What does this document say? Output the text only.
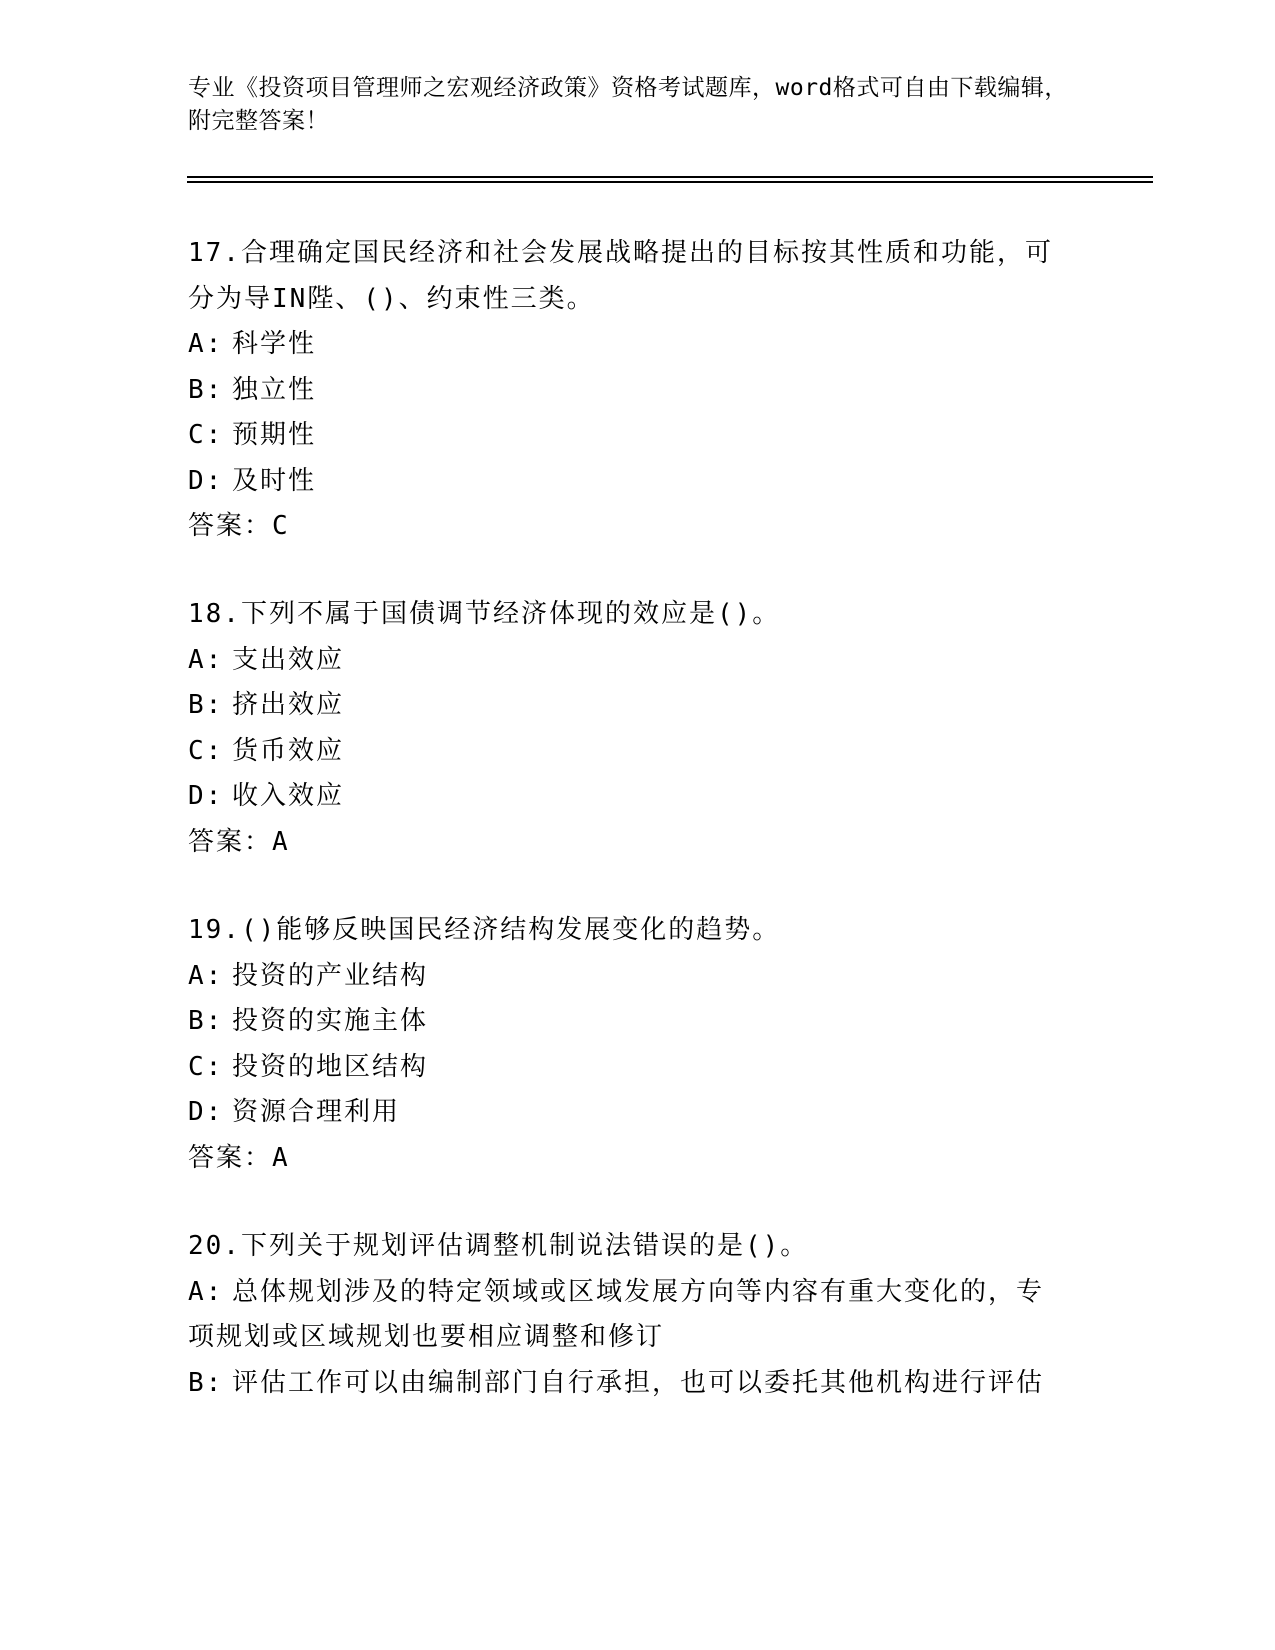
专业《投资项目管理师之宏观经济政策》资格考试题库，word格式可自由下载编辑，附完整答案！
17.合理确定国民经济和社会发展战略提出的目标按其性质和功能，可
分为导IN陛、()、约束性三类。
A: 科学性
B: 独立性
C: 预期性
D: 及时性
答案：C
18.下列不属于国债调节经济体现的效应是()。
A: 支出效应
B: 挤出效应
C: 货币效应
D: 收入效应
答案：A
19.()能够反映国民经济结构发展变化的趋势。
A: 投资的产业结构
B: 投资的实施主体
C: 投资的地区结构
D: 资源合理利用
答案：A
20.下列关于规划评估调整机制说法错误的是()。
A: 总体规划涉及的特定领域或区域发展方向等内容有重大变化的，专
项规划或区域规划也要相应调整和修订
B: 评估工作可以由编制部门自行承担，也可以委托其他机构进行评估
